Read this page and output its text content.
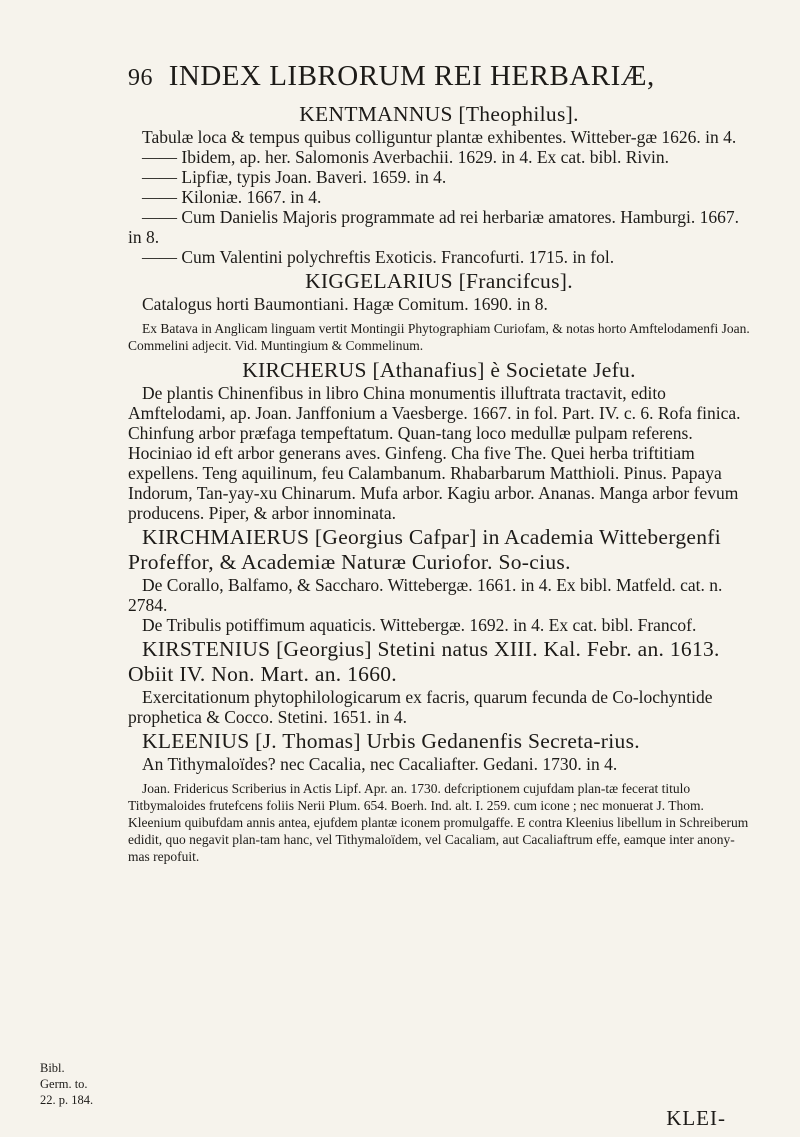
96 INDEX LIBRORUM REI HERBARIÆ,

KENTMANNUS [Theophilus].

Tabulæ loca & tempus quibus colliguntur plantæ exhibentes. Witteber-gæ 1626. in 4.

—— Ibidem, ap. her. Salomonis Averbachii. 1629. in 4. Ex cat. bibl. Rivin.

—— Lipfiæ, typis Joan. Baveri. 1659. in 4.

—— Kiloniæ. 1667. in 4.

—— Cum Danielis Majoris programmate ad rei herbariæ amatores. Hamburgi. 1667. in 8.

—— Cum Valentini polychreftis Exoticis. Francofurti. 1715. in fol.

KIGGELARIUS [Francifcus].

Catalogus horti Baumontiani. Hagæ Comitum. 1690. in 8.

Ex Batava in Anglicam linguam vertit Montingii Phytographiam Curiofam, & notas horto Amftelodamenfi Joan. Commelini adjecit. Vid. Muntingium & Commelinum.

KIRCHERUS [Athanafius] è Societate Jefu.

De plantis Chinenfibus in libro China monumentis illuftrata tractavit, edito Amftelodami, ap. Joan. Janffonium a Vaesberge. 1667. in fol. Part. IV. c. 6. Rofa finica. Chinfung arbor præfaga tempeftatum. Quan-tang loco medullæ pulpam referens. Hociniao id eft arbor generans aves. Ginfeng. Cha five The. Quei herba triftitiam expellens. Teng aquilinum, feu Calambanum. Rhabarbarum Matthioli. Pinus. Papaya Indorum, Tan-yay-xu Chinarum. Mufa arbor. Kagiu arbor. Ananas. Manga arbor fevum producens. Piper, & arbor innominata.

KIRCHMAIERUS [Georgius Cafpar] in Academia Wittebergenfi Profeffor, & Academiæ Naturæ Curiofor. So-cius.

De Corallo, Balfamo, & Saccharo. Wittebergæ. 1661. in 4. Ex bibl. Matfeld. cat. n. 2784.

De Tribulis potiffimum aquaticis. Wittebergæ. 1692. in 4. Ex cat. bibl. Francof.

KIRSTENIUS [Georgius] Stetini natus XIII. Kal. Febr. an. 1613. Obiit IV. Non. Mart. an. 1660.

Exercitationum phytophilologicarum ex facris, quarum fecunda de Co-lochyntide prophetica & Cocco. Stetini. 1651. in 4.

KLEENIUS [J. Thomas] Urbis Gedanenfis Secreta-rius.

An Tithymaloïdes? nec Cacalia, nec Cacaliafter. Gedani. 1730. in 4.

Joan. Fridericus Scriberius in Actis Lipf. Apr. an. 1730. defcriptionem cujufdam plan-tæ fecerat titulo Titbymaloides frutefcens foliis Nerii Plum. 654. Boerh. Ind. alt. I. 259. cum icone ; nec monuerat J. Thom. Kleenium quibufdam annis antea, ejufdem plantæ iconem promulgaffe. E contra Kleenius libellum in Schreiberum edidit, quo negavit plan-tam hanc, vel Tithymaloïdem, vel Cacaliam, aut Cacaliaftrum effe, eamque inter anony-mas repofuit.

Bibl.
Germ. to.
22. p. 184.
KLEI-
